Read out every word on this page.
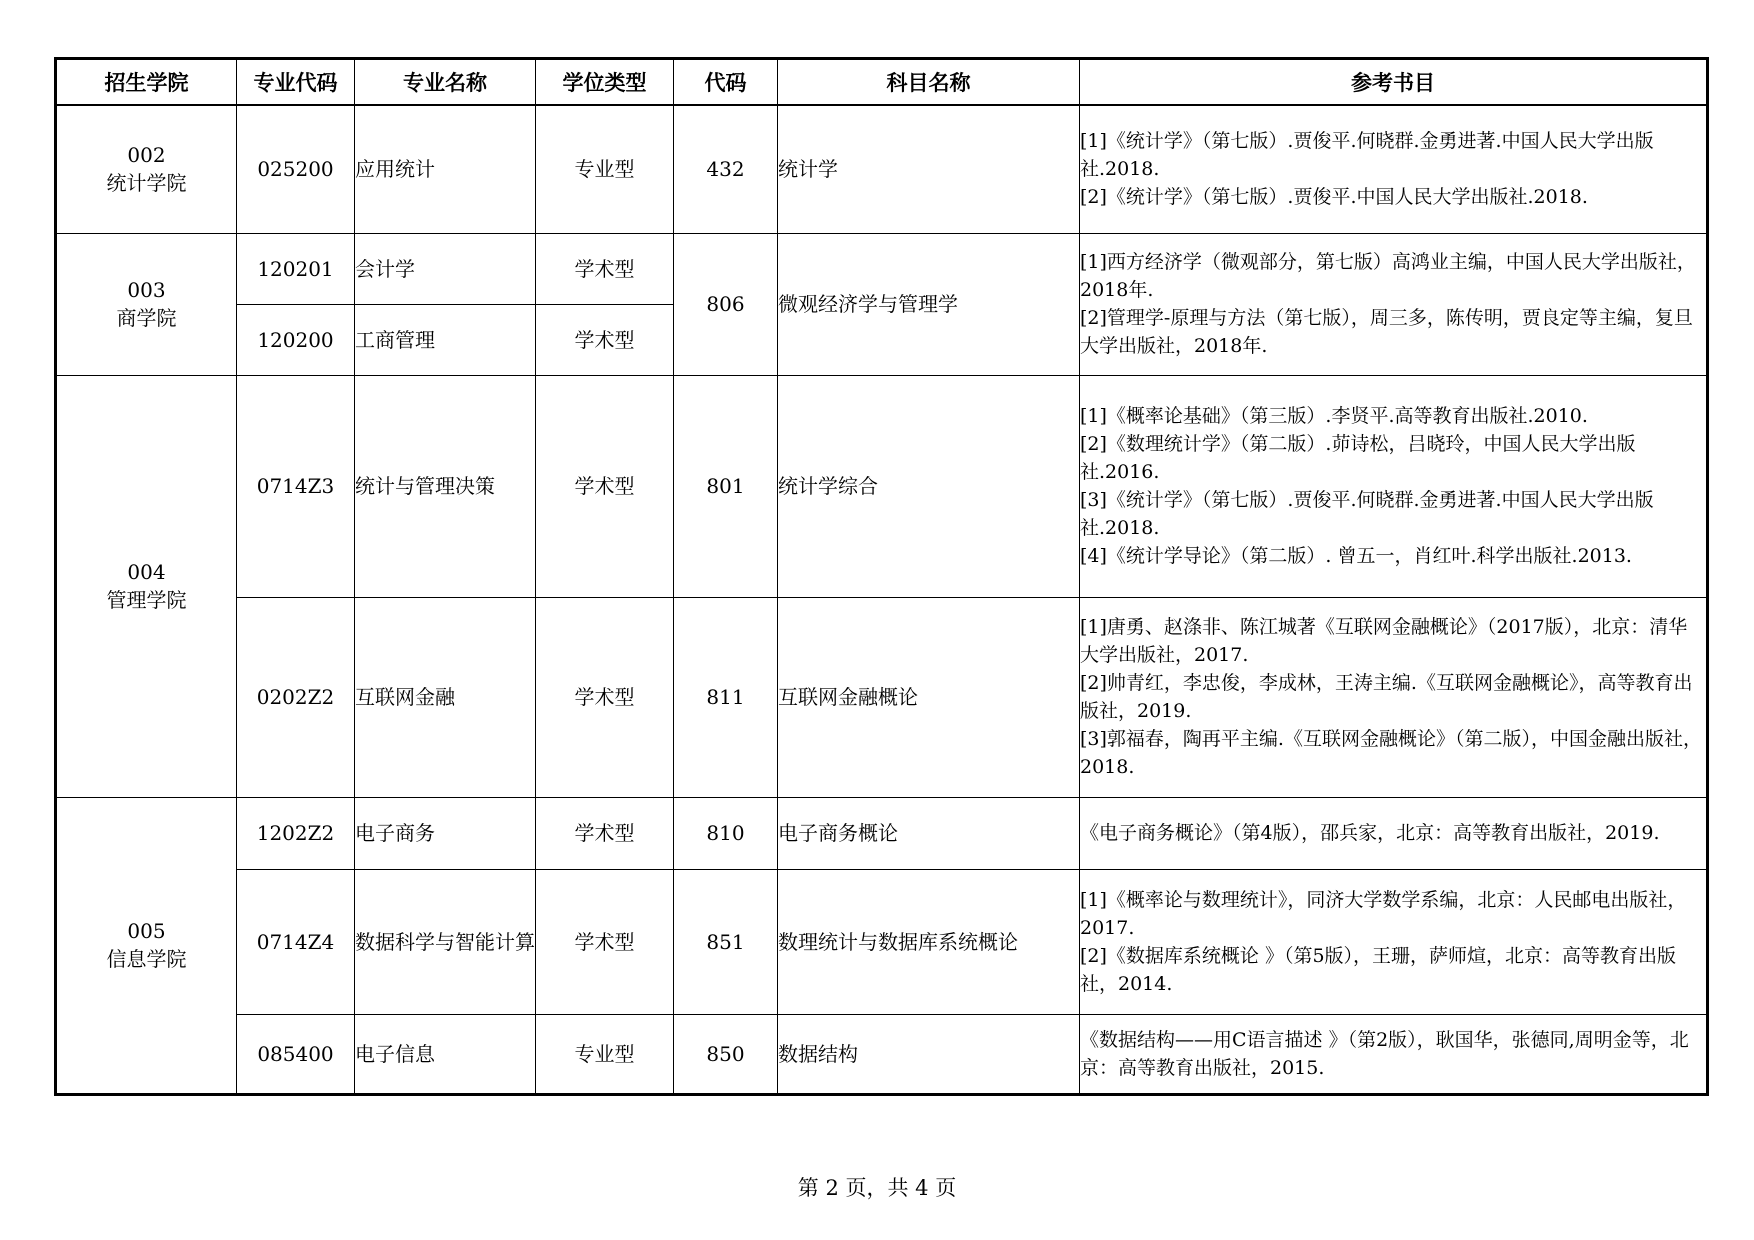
招生学院	专业代码	专业名称	学位类型	代码	科目名称	参考书目

002
统计学院	025200	应用统计	专业型	432	统计学	[1]《统计学》（第七版）.贾俊平.何晓群.金勇进著.中国人民大学出版社.2018.
[2]《统计学》（第七版）.贾俊平.中国人民大学出版社.2018.

003
商学院	120201	会计学	学术型	806	微观经济学与管理学	[1]西方经济学（微观部分，第七版）高鸿业主编，中国人民大学出版社，2018年.
[2]管理学-原理与方法（第七版），周三多，陈传明，贾良定等主编，复旦大学出版社，2018年.

	120200	工商管理	学术型			

004
管理学院	0714Z3	统计与管理决策	学术型	801	统计学综合	[1]《概率论基础》（第三版）.李贤平.高等教育出版社.2010.
[2]《数理统计学》（第二版）.茆诗松，吕晓玲，中国人民大学出版社.2016.
[3]《统计学》（第七版）.贾俊平.何晓群.金勇进著.中国人民大学出版社.2018.
[4]《统计学导论》（第二版）. 曾五一，肖红叶.科学出版社.2013.

	0202Z2	互联网金融	学术型	811	互联网金融概论	[1]唐勇、赵涤非、陈江城著《互联网金融概论》（2017版），北京：清华大学出版社，2017.
[2]帅青红，李忠俊，李成林，王涛主编.《互联网金融概论》，高等教育出版社，2019.
[3]郭福春，陶再平主编.《互联网金融概论》（第二版），中国金融出版社，2018.

005
信息学院	1202Z2	电子商务	学术型	810	电子商务概论	《电子商务概论》（第4版），邵兵家，北京：高等教育出版社，2019.

	0714Z4	数据科学与智能计算	学术型	851	数理统计与数据库系统概论	[1]《概率论与数理统计》，同济大学数学系编，北京：人民邮电出版社，2017.
[2]《数据库系统概论 》（第5版），王珊，萨师煊，北京：高等教育出版社，2014.

	085400	电子信息	专业型	850	数据结构	《数据结构——用C语言描述 》（第2版），耿国华，张德同,周明金等，北京：高等教育出版社，2015.
第 2 页，共 4 页
